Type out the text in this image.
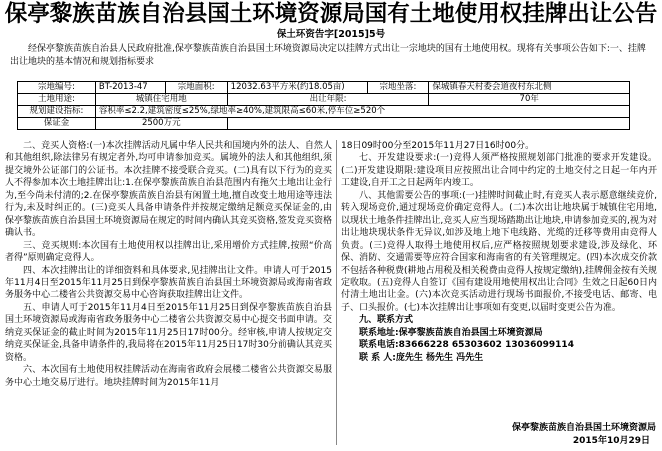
保亭黎族苗族自治县国土环境资源局国有土地使用权挂牌出让公告
保土环资告字[2015]5号

经保亭黎族苗族自治县人民政府批准,保亭黎族苗族自治县国土环境资源局决定以挂牌方式出让一宗地块的国有土地使用权。现将有关事项公告如下:一、挂牌出让地块的基本情况和规划指标要求

宗地编号:	BT-2013-47	宗地面积:	12032.63平方米(约18.05亩)	宗地坐落:	保城镇春天村委会道夜村东北侧
土地用途:	城镇住宅用地		出让年限:		70年
规划建设指标:	容积率≤2.2,建筑密度≤25%,绿地率≥40%,建筑限高≤60米,停车位≥520个				
保证金	2500万元				

二、竞买人资格:(一)本次挂牌活动凡属中华人民共和国境内外的法人、自然人和其他组织,除法律另有规定者外,均可申请参加竞买。属境外的法人和其他组织,须提交境外公证部门的公证书。本次挂牌不接受联合竞买。(二)具有以下行为的竞买人不得参加本次土地挂牌出让:1.在保亭黎族苗族自治县范围内有拖欠土地出让金行为,至今尚未付清的;2.在保亭黎族苗族自治县有闲置土地,擅自改变土地用途等违法行为,未及时纠正的。(三)竞买人具备申请条件并按规定缴纳足额竞买保证金的,由保亭黎族苗族自治县国土环境资源局在规定的时间内确认其竞买资格,签发竞买资格确认书。

三、竞买规则:本次国有土地使用权以挂牌出让,采用增价方式挂牌,按照“价高者得”原则确定竞得人。

四、本次挂牌出让的详细资料和具体要求,见挂牌出让文件。申请人可于2015年11月4日至2015年11月25日到保亭黎族苗族自治县国土环境资源局或海南省政务服务中心二楼省公共资源交易中心咨询获取挂牌出让文件。

五、申请人可于2015年11月4日至2015年11月25日到保亭黎族苗族自治县国土环境资源局或海南省政务服务中心二楼省公共资源交易中心提交书面申请。交纳竞买保证金的截止时间为2015年11月25日17时00分。经审核,申请人按规定交纳竞买保证金,具备申请条件的,我局将在2015年11月25日17时30分前确认其竞买资格。

六、本次国有土地使用权挂牌活动在海南省政府会展楼二楼省公共资源交易服务中心土地交易厅进行。地块挂牌时间为2015年11月

18日09时00分至2015年11月27日16时00分。

七、开发建设要求:(一)竞得人须严格按照规划部门批准的要求开发建设。(二)开发建设期限:建设项目应按照出让合同中约定的土地交付之日起一年内开工建设,自开工之日起两年内竣工。

八、其他需要公告的事项:(一)挂牌时间截止时,有竞买人表示愿意继续竞价,转入现场竞价,通过现场竞价确定竞得人。(二)本次出让地块属于城镇住宅用地,以现状土地条件挂牌出让,竞买人应当现场踏勘出让地块,申请参加竞买的,视为对出让地块现状条件无异议,如涉及地上地下电线路、光缆的迁移等费用由竞得人负责。(三)竞得人取得土地使用权后,应严格按照规划要求建设,涉及绿化、环保、消防、交通需要等应符合国家和海南省的有关管理规定。(四)本次成交价款不包括各种税费(耕地占用税及相关税费由竞得人按规定缴纳),挂牌佣金按有关规定收取。(五)竞得人自签订《国有建设用地使用权出让合同》生效之日起60日内付清土地出让金。(六)本次竞买活动进行现场书面报价,不接受电话、邮寄、电子、口头报价。(七)本次挂牌出让事项如有变更,以届时变更公告为准。

九、联系方式

联系地址:保亭黎族苗族自治县国土环境资源局

联系电话:83666228 65303602 13036099114

联 系 人:庞先生 杨先生 冯先生

保亭黎族苗族自治县国土环境资源局
2015年10月29日
